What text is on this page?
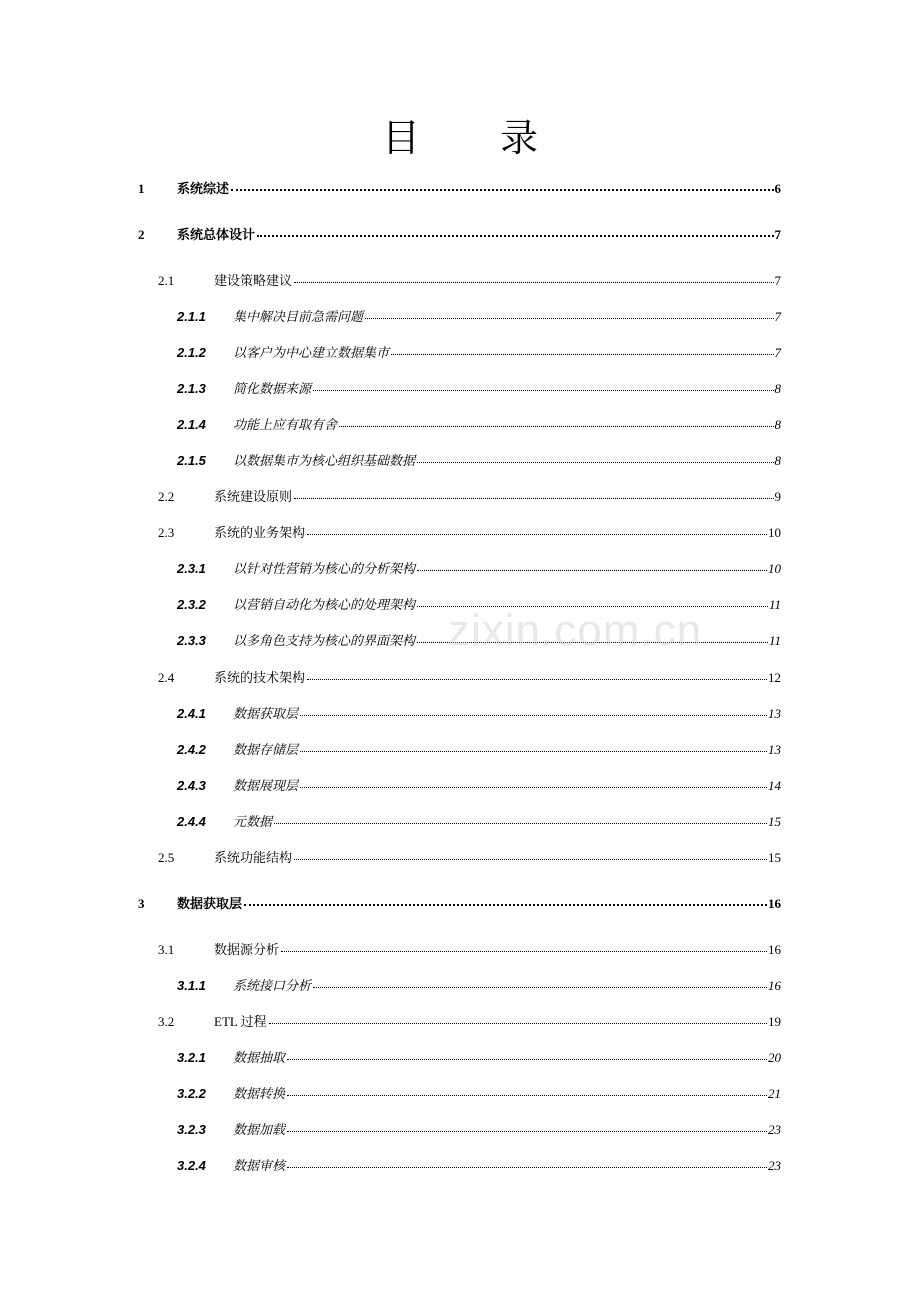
目 录
1	系统综述	6
2	系统总体设计	7
2.1	建设策略建议	7
2.1.1	集中解决目前急需问题	7
2.1.2	以客户为中心建立数据集市	7
2.1.3	简化数据来源	8
2.1.4	功能上应有取有舍	8
2.1.5	以数据集市为核心组织基础数据	8
2.2	系统建设原则	9
2.3	系统的业务架构	10
2.3.1	以针对性营销为核心的分析架构	10
2.3.2	以营销自动化为核心的处理架构	11
2.3.3	以多角色支持为核心的界面架构	11
2.4	系统的技术架构	12
2.4.1	数据获取层	13
2.4.2	数据存储层	13
2.4.3	数据展现层	14
2.4.4	元数据	15
2.5	系统功能结构	15
3	数据获取层	16
3.1	数据源分析	16
3.1.1	系统接口分析	16
3.2	ETL 过程	19
3.2.1	数据抽取	20
3.2.2	数据转换	21
3.2.3	数据加载	23
3.2.4	数据审核	23
zixin.com.cn
